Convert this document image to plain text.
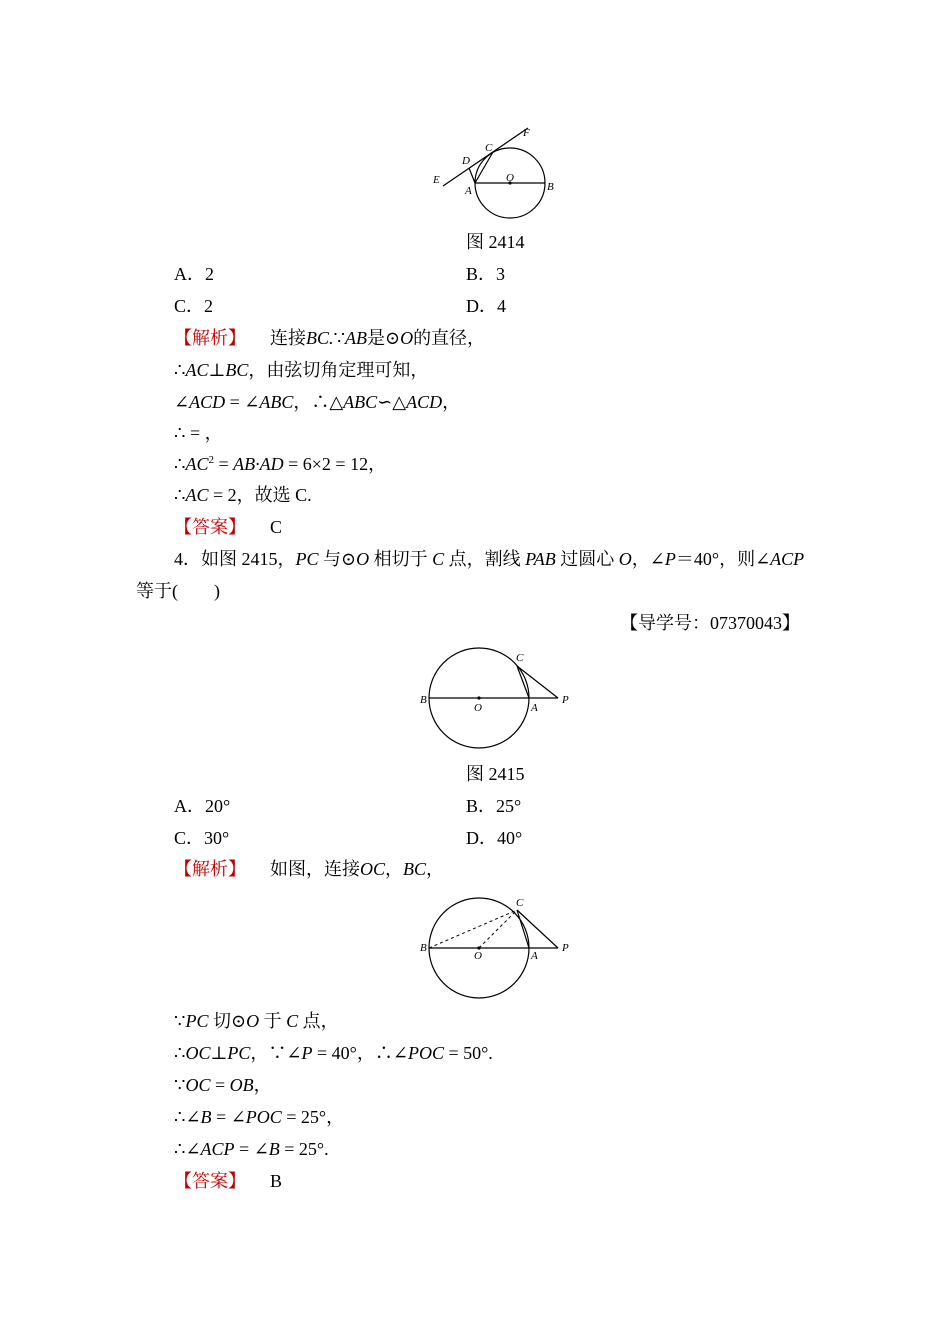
E
D
C
F
A
O
B
图 2414
A．2	B．3
C．2	D．4
【解析】 连接BC.∵AB是⊙O的直径，
∴AC⊥BC，由弦切角定理可知，
∠ACD = ∠ABC，∴△ABC∽△ACD，
∴ = ，
$\therefore AC^2 = AB\cdot AD = 6\times 2 = 12$，
∴AC = 2，故选 C.
【答案】 C
4．如图 2415，PC 与⊙O 相切于 C 点，割线 PAB 过圆心 O，∠P＝40°，则∠ACP
等于(　　)
【导学号：07370043】
B
O	A
C
P
图 2415
A．20°	B．25°
C．30°	D．40°
【解析】 如图，连接OC，BC，
B
O	A
C
P
∵PC 切⊙O 于 C 点，
∴OC⊥PC，∵∠P = 40°，∴∠POC = 50°.
∵OC = OB，
∴∠B = ∠POC = 25°，
∴∠ACP = ∠B = 25°.
【答案】 B
